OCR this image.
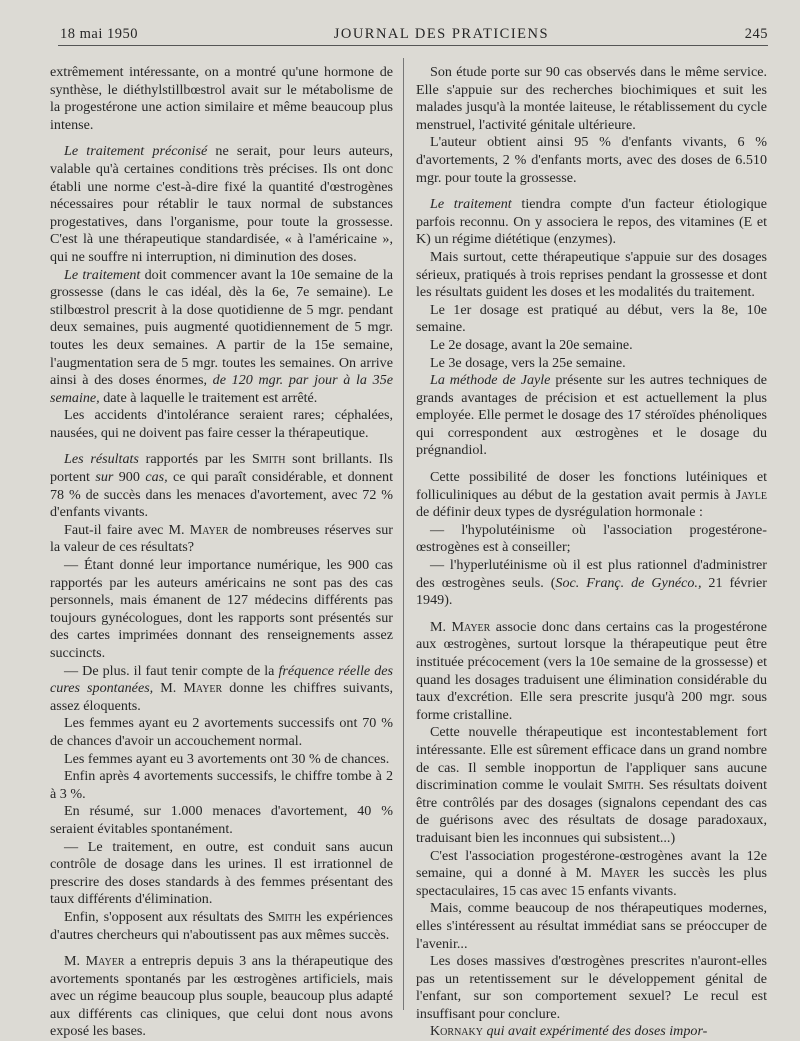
18 mai 1950	JOURNAL DES PRATICIENS	245

extrêmement intéressante, on a montré qu'une hormone de synthèse, le diéthylstillbœstrol avait sur le métabolisme de la progestérone une action similaire et même beaucoup plus intense.

Le traitement préconisé ne serait, pour leurs auteurs, valable qu'à certaines conditions très précises. Ils ont donc établi une norme c'est-à-dire fixé la quantité d'œstrogènes nécessaires pour rétablir le taux normal de substances progestatives, dans l'organisme, pour toute la grossesse. C'est là une thérapeutique standardisée, « à l'américaine », qui ne souffre ni interruption, ni diminution des doses.

Le traitement doit commencer avant la 10e semaine de la grossesse (dans le cas idéal, dès la 6e, 7e semaine). Le stilbœstrol prescrit à la dose quotidienne de 5 mgr. pendant deux semaines, puis augmenté quotidiennement de 5 mgr. toutes les deux semaines. A partir de la 15e semaine, l'augmentation sera de 5 mgr. toutes les semaines. On arrive ainsi à des doses énormes, de 120 mgr. par jour à la 35e semaine, date à laquelle le traitement est arrêté.

Les accidents d'intolérance seraient rares; céphalées, nausées, qui ne doivent pas faire cesser la thérapeutique.

Les résultats rapportés par les Smith sont brillants. Ils portent sur 900 cas, ce qui paraît considérable, et donnent 78 % de succès dans les menaces d'avortement, avec 72 % d'enfants vivants.

Faut-il faire avec M. Mayer de nombreuses réserves sur la valeur de ces résultats?

— Étant donné leur importance numérique, les 900 cas rapportés par les auteurs américains ne sont pas des cas personnels, mais émanent de 127 médecins différents pas toujours gynécologues, dont les rapports sont présentés sur des cartes imprimées donnant des renseignements assez succincts.

— De plus. il faut tenir compte de la fréquence réelle des cures spontanées, M. Mayer donne les chiffres suivants, assez éloquents.

Les femmes ayant eu 2 avortements successifs ont 70 % de chances d'avoir un accouchement normal.

Les femmes ayant eu 3 avortements ont 30 % de chances.

Enfin après 4 avortements successifs, le chiffre tombe à 2 à 3 %.

En résumé, sur 1.000 menaces d'avortement, 40 % seraient évitables spontanément.

— Le traitement, en outre, est conduit sans aucun contrôle de dosage dans les urines. Il est irrationnel de prescrire des doses standards à des femmes présentant des taux différents d'élimination.

Enfin, s'opposent aux résultats des Smith les expériences d'autres chercheurs qui n'aboutissent pas aux mêmes succès.

M. Mayer a entrepris depuis 3 ans la thérapeutique des avortements spontanés par les œstrogènes artificiels, mais avec un régime beaucoup plus souple, beaucoup plus adapté aux différents cas cliniques, que celui dont nous avons exposé les bases.

Son étude porte sur 90 cas observés dans le même service. Elle s'appuie sur des recherches biochimiques et suit les malades jusqu'à la montée laiteuse, le rétablissement du cycle menstruel, l'activité génitale ultérieure.

L'auteur obtient ainsi 95 % d'enfants vivants, 6 % d'avortements, 2 % d'enfants morts, avec des doses de 6.510 mgr. pour toute la grossesse.

Le traitement tiendra compte d'un facteur étiologique parfois reconnu. On y associera le repos, des vitamines (E et K) un régime diététique (enzymes).

Mais surtout, cette thérapeutique s'appuie sur des dosages sérieux, pratiqués à trois reprises pendant la grossesse et dont les résultats guident les doses et les modalités du traitement.

Le 1er dosage est pratiqué au début, vers la 8e, 10e semaine.

Le 2e dosage, avant la 20e semaine.

Le 3e dosage, vers la 25e semaine.

La méthode de Jayle présente sur les autres techniques de grands avantages de précision et est actuellement la plus employée. Elle permet le dosage des 17 stéroïdes phénoliques qui correspondent aux œstrogènes et le dosage du prégnandiol.

Cette possibilité de doser les fonctions lutéiniques et folliculiniques au début de la gestation avait permis à Jayle de définir deux types de dysrégulation hormonale :

— l'hypolutéinisme où l'association progestérone-œstrogènes est à conseiller;

— l'hyperlutéinisme où il est plus rationnel d'administrer des œstrogènes seuls. (Soc. Franç. de Gynéco., 21 février 1949).

M. Mayer associe donc dans certains cas la progestérone aux œstrogènes, surtout lorsque la thérapeutique peut être instituée précocement (vers la 10e semaine de la grossesse) et quand les dosages traduisent une élimination considérable du taux d'excrétion. Elle sera prescrite jusqu'à 200 mgr. sous forme cristalline.

Cette nouvelle thérapeutique est incontestablement fort intéressante. Elle est sûrement efficace dans un grand nombre de cas. Il semble inopportun de l'appliquer sans aucune discrimination comme le voulait Smith. Ses résultats doivent être contrôlés par des dosages (signalons cependant des cas de guérisons avec des résultats de dosage paradoxaux, traduisant bien les inconnues qui subsistent...)

C'est l'association progestérone-œstrogènes avant la 12e semaine, qui a donné à M. Mayer les succès les plus spectaculaires, 15 cas avec 15 enfants vivants.

Mais, comme beaucoup de nos thérapeutiques modernes, elles s'intéressent au résultat immédiat sans se préoccuper de l'avenir...

Les doses massives d'œstrogènes prescrites n'auront-elles pas un retentissement sur le développement génital de l'enfant, sur son comportement sexuel? Le recul est insuffisant pour conclure.

Kornaky qui avait expérimenté des doses impor-
